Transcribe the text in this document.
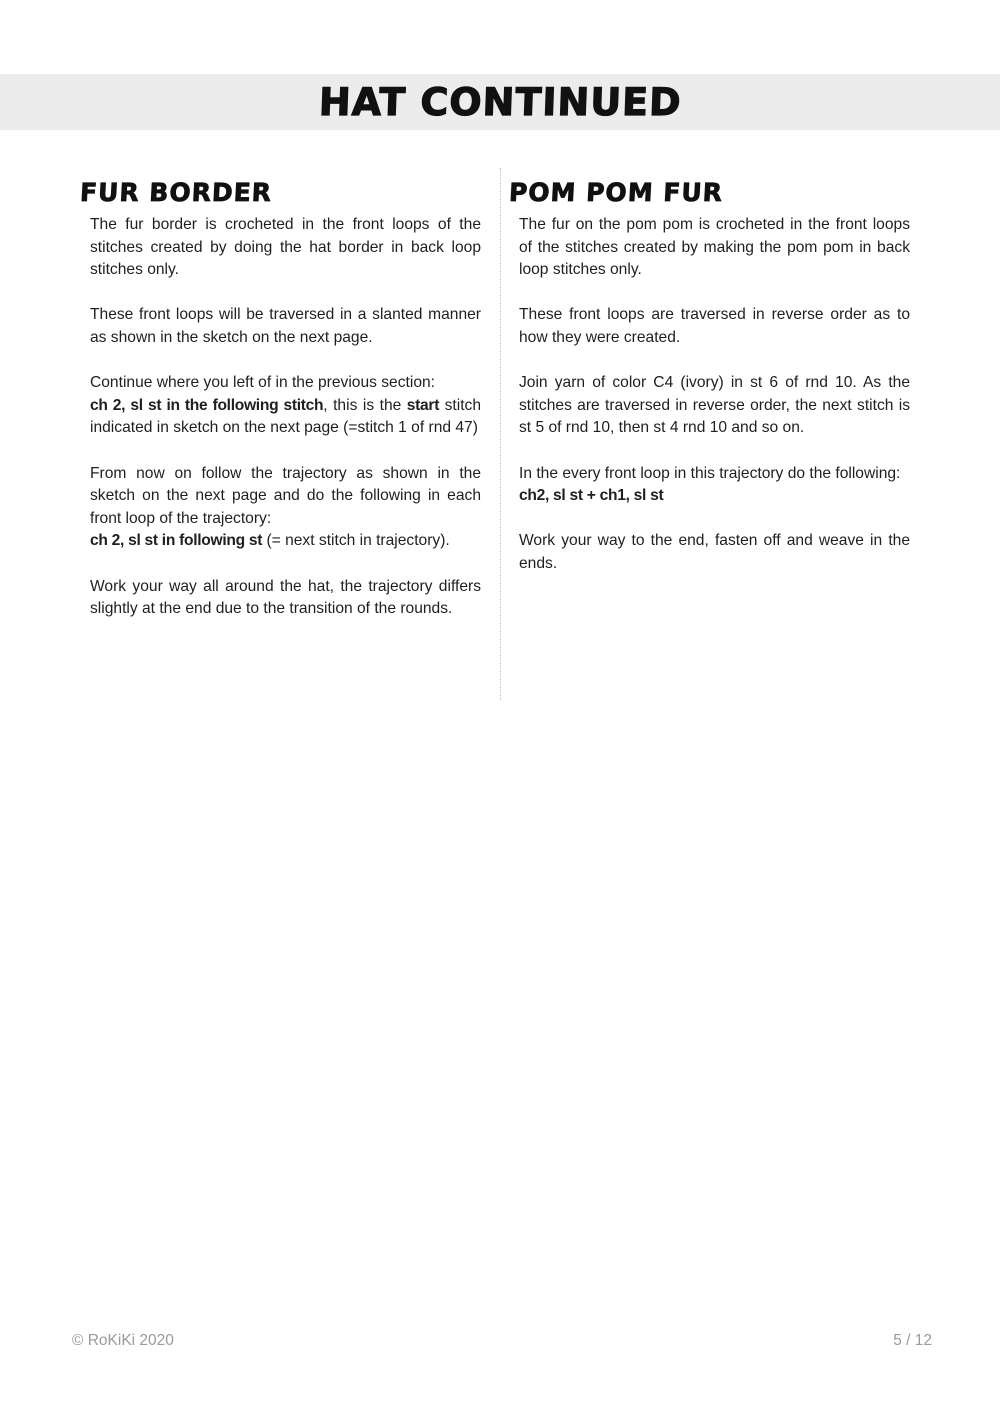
HAT CONTINUED
FUR BORDER

The fur border is crocheted in the front loops of the stitches created by doing the hat border in back loop stitches only.

These front loops will be traversed in a slanted manner as shown in the sketch on the next page.

Continue where you left of in the previous section:
ch 2, sl st in the following stitch, this is the start stitch indicated in sketch on the next page (=stitch 1 of rnd 47)

From now on follow the trajectory as shown in the sketch on the next page and do the following in each front loop of the trajectory:
ch 2, sl st in following st (= next stitch in trajectory).

Work your way all around the hat, the trajectory differs slightly at the end due to the transition of the rounds.

POM POM FUR

The fur on the pom pom is crocheted in the front loops of the stitches created by making the pom pom in back loop stitches only.

These front loops are traversed in reverse order as to how they were created.

Join yarn of color C4 (ivory) in st 6 of rnd 10. As the stitches are traversed in reverse order, the next stitch is st 5 of rnd 10, then st 4 rnd 10 and so on.

In the every front loop in this trajectory do the following:
ch2, sl st + ch1, sl st

Work your way to the end, fasten off and weave in the ends.

© RoKiKi 2020	5 / 12
